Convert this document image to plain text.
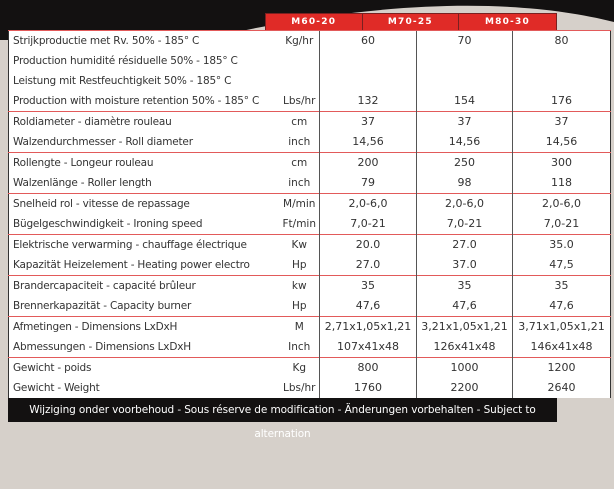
M60-20	M70-25	M80-30
Strijkproductie met Rv. 50% - 185° C	Kg/hr	60	70	80
Production humidité résiduelle 50% - 185° C				
Leistung mit Restfeuchtigkeit 50% - 185° C				
Production with moisture retention 50% - 185° C	Lbs/hr	132	154	176
Roldiameter - diamètre rouleau	cm	37	37	37
Walzendurchmesser - Roll diameter	inch	14,56	14,56	14,56
Rollengte - Longeur rouleau	cm	200	250	300
Walzenlänge - Roller length	inch	79	98	118
Snelheid rol - vitesse de repassage	M/min	2,0-6,0	2,0-6,0	2,0-6,0
Bügelgeschwindigkeit - Ironing speed	Ft/min	7,0-21	7,0-21	7,0-21
Elektrische verwarming - chauffage électrique	Kw	20.0	27.0	35.0
Kapazität Heizelement - Heating power electro	Hp	27.0	37.0	47,5
Brandercapaciteit - capacité brûleur	kw	35	35	35
Brennerkapazität - Capacity burner	Hp	47,6	47,6	47,6
Afmetingen - Dimensions LxDxH	M	2,71x1,05x1,21	3,21x1,05x1,21	3,71x1,05x1,21
Abmessungen - Dimensions LxDxH	Inch	107x41x48	126x41x48	146x41x48
Gewicht - poids	Kg	800	1000	1200
Gewicht - Weight	Lbs/hr	1760	2200	2640
Wijziging onder voorbehoud - Sous réserve de modification - Änderungen vorbehalten - Subject to alternation
